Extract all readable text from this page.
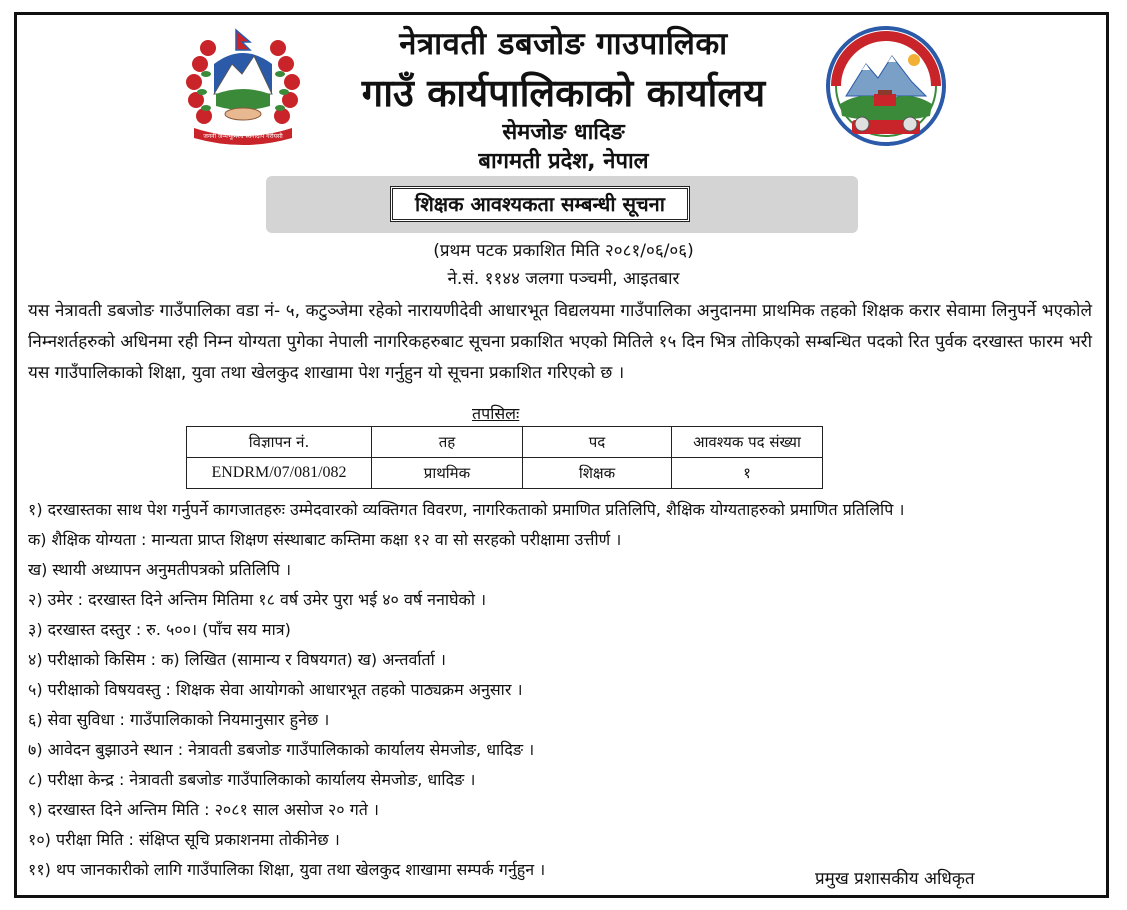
जननी जन्मभूमिश्च स्वर्गादपि गरीयसी
नेत्रावती डबजोङ गाउपालिका
गाउँ कार्यपालिकाको कार्यालय
सेमजोङ धादिङ
बागमती प्रदेश, नेपाल
शिक्षक आवश्यकता सम्बन्धी सूचना
(प्रथम पटक प्रकाशित मिति २०८१/०६/०६)
ने.सं. ११४४ जलगा पञ्चमी, आइतबार
यस नेत्रावती डबजोङ गाउँपालिका वडा नं- ५, कटुञ्जेमा रहेको नारायणीदेवी आधारभूत विद्यलयमा गाउँपालिका अनुदानमा प्राथमिक तहको शिक्षक करार सेवामा लिनुपर्ने भएकोले निम्नशर्तहरुको अधिनमा रही निम्न योग्यता पुगेका नेपाली नागरिकहरुबाट सूचना प्रकाशित भएको मितिले १५ दिन भित्र तोकिएको सम्बन्धित पदको रित पुर्वक दरखास्त फारम भरी यस गाउँपालिकाको शिक्षा, युवा तथा खेलकुद शाखामा पेश गर्नुहुन यो सूचना प्रकाशित गरिएको छ ।
तपसिलः
विज्ञापन नं.	तह	पद	आवश्यक पद संख्या
ENDRM/07/081/082	प्राथमिक	शिक्षक	१
१) दरखास्तका साथ पेश गर्नुपर्ने कागजातहरुः उम्मेदवारको व्यक्तिगत विवरण, नागरिकताको प्रमाणित प्रतिलिपि, शैक्षिक योग्यताहरुको प्रमाणित प्रतिलिपि ।
क) शैक्षिक योग्यता : मान्यता प्राप्त शिक्षण संस्थाबाट कम्तिमा कक्षा १२ वा सो सरहको परीक्षामा उत्तीर्ण ।
ख) स्थायी अध्यापन अनुमतीपत्रको प्रतिलिपि ।
२) उमेर : दरखास्त दिने अन्तिम मितिमा १८ वर्ष उमेर पुरा भई ४० वर्ष ननाघेको ।
३) दरखास्त दस्तुर : रु. ५००। (पाँच सय मात्र)
४) परीक्षाको किसिम : क) लिखित (सामान्य र विषयगत) ख) अन्तर्वार्ता ।
५) परीक्षाको विषयवस्तु : शिक्षक सेवा आयोगको आधारभूत तहको पाठ्यक्रम अनुसार ।
६) सेवा सुविधा : गाउँपालिकाको नियमानुसार हुनेछ ।
७) आवेदन बुझाउने स्थान : नेत्रावती डबजोङ गाउँपालिकाको कार्यालय सेमजोङ, धादिङ ।
८) परीक्षा केन्द्र : नेत्रावती डबजोङ गाउँपालिकाको कार्यालय सेमजोङ, धादिङ ।
९) दरखास्त दिने अन्तिम मिति : २०८१ साल असोज २० गते ।
१०) परीक्षा मिति : संक्षिप्त सूचि प्रकाशनमा तोकीनेछ ।
११) थप जानकारीको लागि गाउँपालिका शिक्षा, युवा तथा खेलकुद शाखामा सम्पर्क गर्नुहुन ।	प्रमुख प्रशासकीय अधिकृत
